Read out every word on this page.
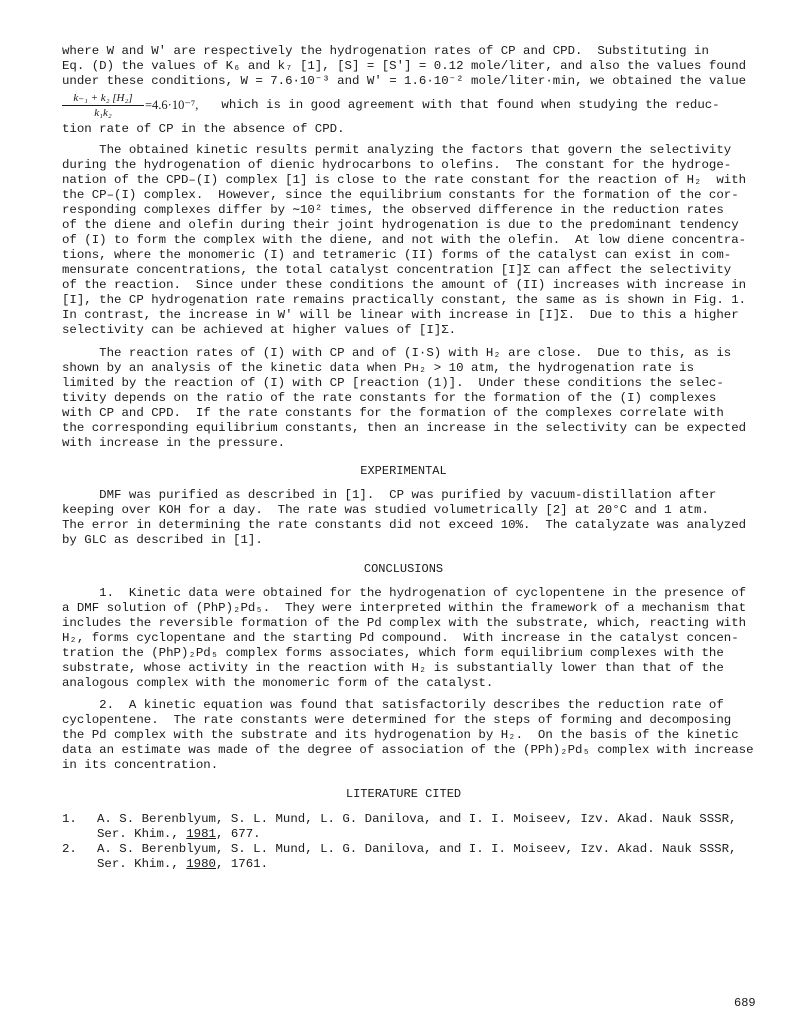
where W and W' are respectively the hydrogenation rates of CP and CPD.  Substituting in
Eq. (D) the values of K₆ and k₇ [1], [S] = [S'] = 0.12 mole/liter, and also the values found
under these conditions, W = 7.6·10⁻³ and W' = 1.6·10⁻² mole/liter·min, we obtained the value
k₋₁ + k₂ [H₂]
k₁k₂
=4.6·10⁻⁷, which is in good agreement with that found when studying the reduc-
tion rate of CP in the absence of CPD.
The obtained kinetic results permit analyzing the factors that govern the selectivity
during the hydrogenation of dienic hydrocarbons to olefins.  The constant for the hydroge-
nation of the CPD–(I) complex [1] is close to the rate constant for the reaction of H₂  with
the CP–(I) complex.  However, since the equilibrium constants for the formation of the cor-
responding complexes differ by ∼10² times, the observed difference in the reduction rates
of the diene and olefin during their joint hydrogenation is due to the predominant tendency
of (I) to form the complex with the diene, and not with the olefin.  At low diene concentra-
tions, where the monomeric (I) and tetrameric (II) forms of the catalyst can exist in com-
mensurate concentrations, the total catalyst concentration [I]Σ can affect the selectivity
of the reaction.  Since under these conditions the amount of (II) increases with increase in
[I], the CP hydrogenation rate remains practically constant, the same as is shown in Fig. 1.
In contrast, the increase in W' will be linear with increase in [I]Σ.  Due to this a higher
selectivity can be achieved at higher values of [I]Σ.
The reaction rates of (I) with CP and of (I·S) with H₂ are close.  Due to this, as is
shown by an analysis of the kinetic data when Pʜ₂ > 10 atm, the hydrogenation rate is
limited by the reaction of (I) with CP [reaction (1)].  Under these conditions the selec-
tivity depends on the ratio of the rate constants for the formation of the (I) complexes
with CP and CPD.  If the rate constants for the formation of the complexes correlate with
the corresponding equilibrium constants, then an increase in the selectivity can be expected
with increase in the pressure.
EXPERIMENTAL
DMF was purified as described in [1].  CP was purified by vacuum-distillation after
keeping over KOH for a day.  The rate was studied volumetrically [2] at 20°C and 1 atm.
The error in determining the rate constants did not exceed 10%.  The catalyzate was analyzed
by GLC as described in [1].
CONCLUSIONS
1.  Kinetic data were obtained for the hydrogenation of cyclopentene in the presence of
a DMF solution of (PhP)₂Pd₅.  They were interpreted within the framework of a mechanism that
includes the reversible formation of the Pd complex with the substrate, which, reacting with
H₂, forms cyclopentane and the starting Pd compound.  With increase in the catalyst concen-
tration the (PhP)₂Pd₅ complex forms associates, which form equilibrium complexes with the
substrate, whose activity in the reaction with H₂ is substantially lower than that of the
analogous complex with the monomeric form of the catalyst.
2.  A kinetic equation was found that satisfactorily describes the reduction rate of
cyclopentene.  The rate constants were determined for the steps of forming and decomposing
the Pd complex with the substrate and its hydrogenation by H₂.  On the basis of the kinetic
data an estimate was made of the degree of association of the (PPh)₂Pd₅ complex with increase
in its concentration.
LITERATURE CITED
1. A. S. Berenblyum, S. L. Mund, L. G. Danilova, and I. I. Moiseev, Izv. Akad. Nauk SSSR,
Ser. Khim., 1981, 677.
2. A. S. Berenblyum, S. L. Mund, L. G. Danilova, and I. I. Moiseev, Izv. Akad. Nauk SSSR,
Ser. Khim., 1980, 1761.
689
